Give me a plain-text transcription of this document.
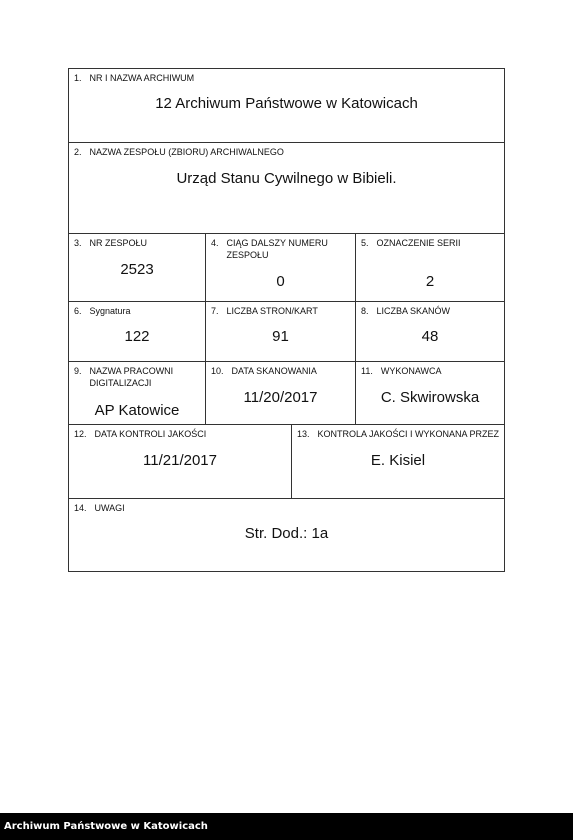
1. NR I NAZWA ARCHIWUM
12 Archiwum Państwowe w Katowicach
2. NAZWA ZESPOŁU (ZBIORU) ARCHIWALNEGO
Urząd Stanu Cywilnego w Bibieli.
3. NR ZESPOŁU
2523
4. CIĄG DALSZY NUMERU ZESPOŁU
0
5. OZNACZENIE SERII
2
6. Sygnatura
122
7. LICZBA STRON/KART
91
8. LICZBA SKANÓW
48
9. NAZWA PRACOWNI DIGITALIZACJI
AP Katowice
10. DATA SKANOWANIA
11/20/2017
11. WYKONAWCA
C. Skwirowska
12. DATA KONTROLI JAKOŚCI
11/21/2017
13. KONTROLA JAKOŚCI I WYKONANA PRZEZ
E. Kisiel
14. UWAGI
Str. Dod.: 1a
Archiwum Państwowe w Katowicach
